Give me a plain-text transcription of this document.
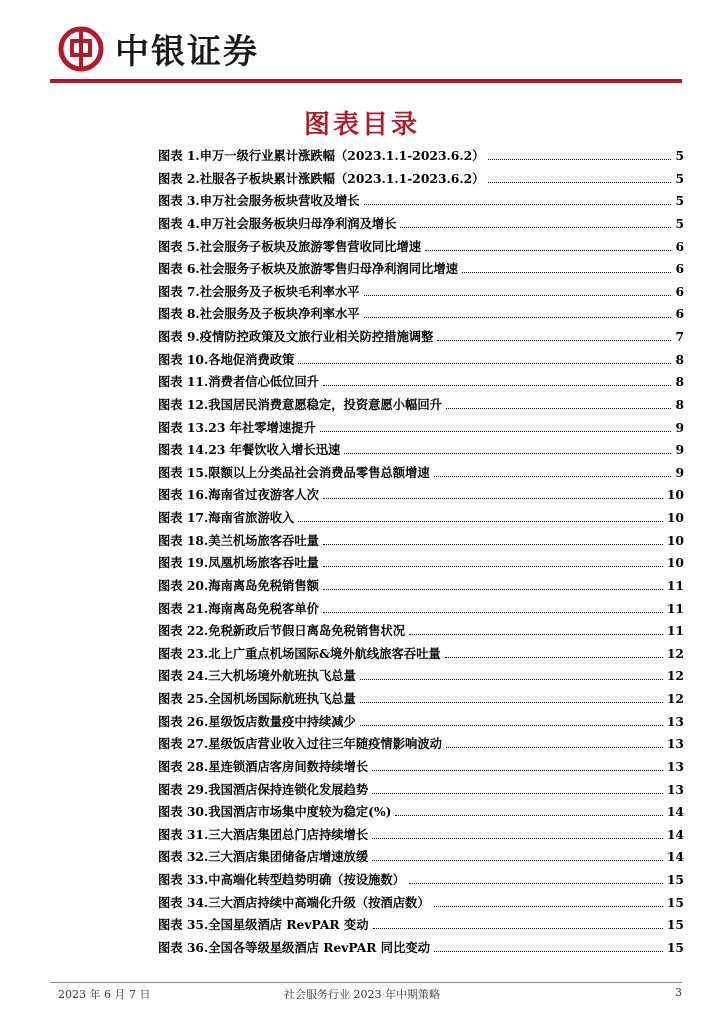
中银证券
图表目录
图表 1.申万一级行业累计涨跌幅（2023.1.1-2023.6.2）	5
图表 2.社服各子板块累计涨跌幅（2023.1.1-2023.6.2）	5
图表 3.申万社会服务板块营收及增长	5
图表 4.申万社会服务板块归母净利润及增长	5
图表 5.社会服务子板块及旅游零售营收同比增速	6
图表 6.社会服务子板块及旅游零售归母净利润同比增速	6
图表 7.社会服务及子板块毛利率水平	6
图表 8.社会服务及子板块净利率水平	6
图表 9.疫情防控政策及文旅行业相关防控措施调整	7
图表 10.各地促消费政策	8
图表 11.消费者信心低位回升	8
图表 12.我国居民消费意愿稳定，投资意愿小幅回升	8
图表 13.23 年社零增速提升	9
图表 14.23 年餐饮收入增长迅速	9
图表 15.限额以上分类品社会消费品零售总额增速	9
图表 16.海南省过夜游客人次	10
图表 17.海南省旅游收入	10
图表 18.美兰机场旅客吞吐量	10
图表 19.凤凰机场旅客吞吐量	10
图表 20.海南离岛免税销售额	11
图表 21.海南离岛免税客单价	11
图表 22.免税新政后节假日离岛免税销售状况	11
图表 23.北上广重点机场国际&境外航线旅客吞吐量	12
图表 24.三大机场境外航班执飞总量	12
图表 25.全国机场国际航班执飞总量	12
图表 26.星级饭店数量疫中持续减少	13
图表 27.星级饭店营业收入过往三年随疫情影响波动	13
图表 28.星连锁酒店客房间数持续增长	13
图表 29.我国酒店保持连锁化发展趋势	13
图表 30.我国酒店市场集中度较为稳定(%)	14
图表 31.三大酒店集团总门店持续增长	14
图表 32.三大酒店集团储备店增速放缓	14
图表 33.中高端化转型趋势明确（按设施数）	15
图表 34.三大酒店持续中高端化升级（按酒店数）	15
图表 35.全国星级酒店 RevPAR 变动	15
图表 36.全国各等级星级酒店 RevPAR 同比变动	15
2023 年 6 月 7 日	社会服务行业 2023 年中期策略	3
